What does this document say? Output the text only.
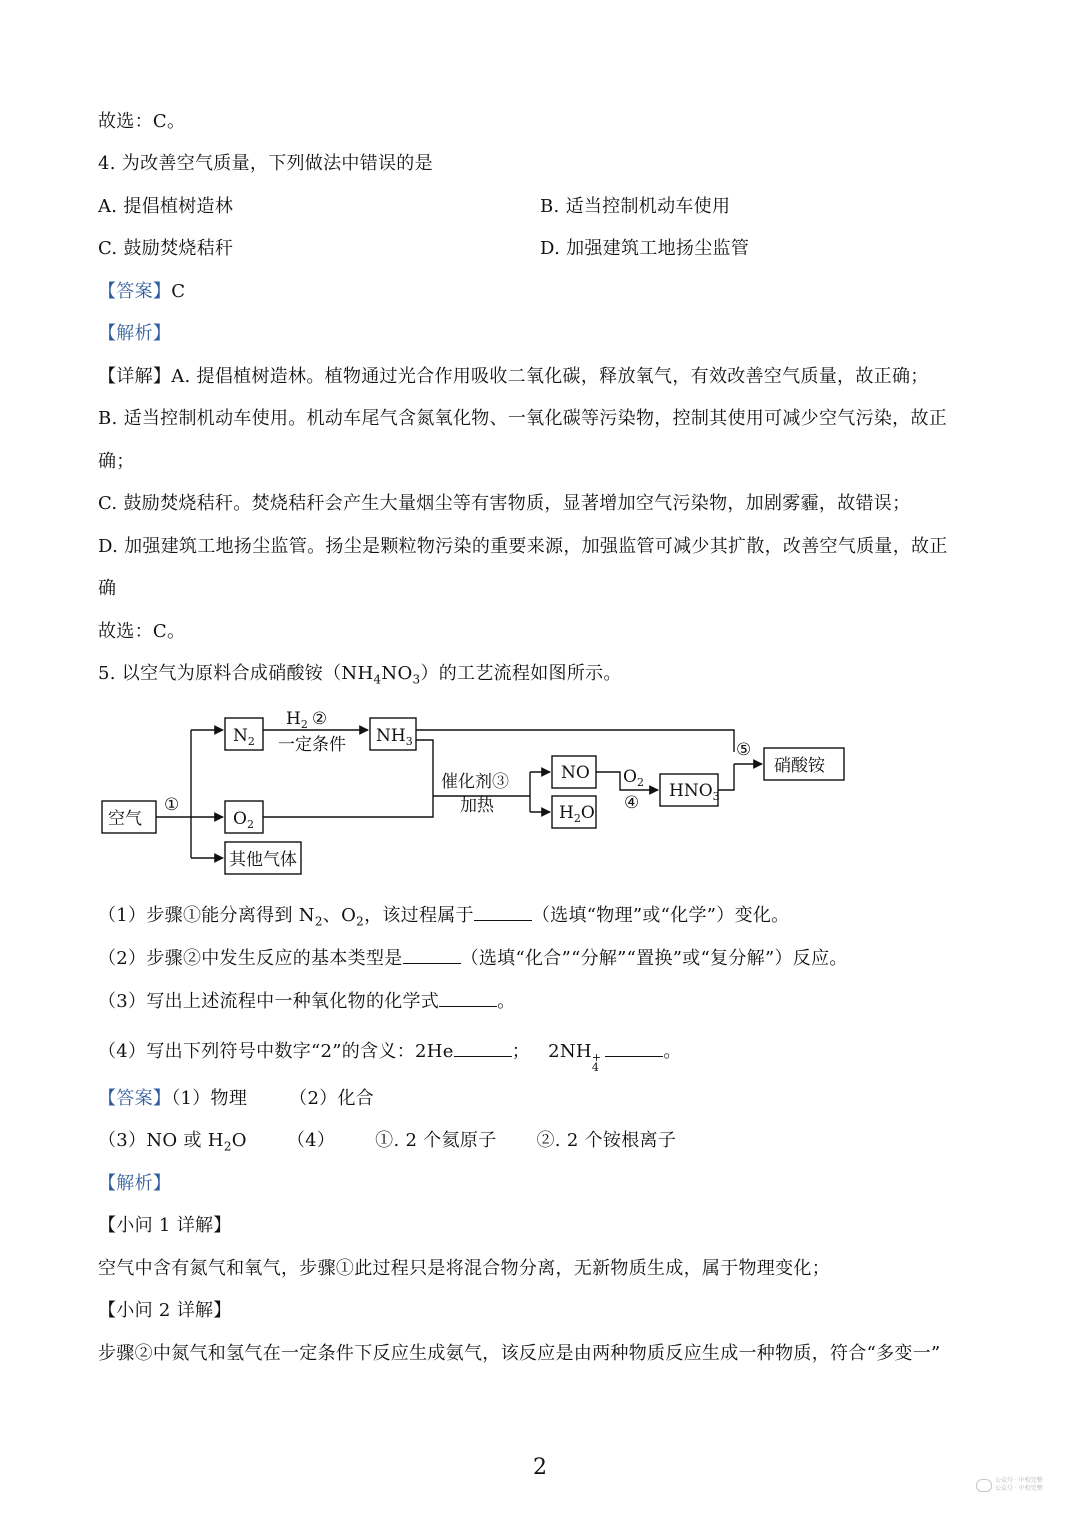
故选：C。
4. 为改善空气质量，下列做法中错误的是
A. 提倡植树造林	B. 适当控制机动车使用
C. 鼓励焚烧秸秆	D. 加强建筑工地扬尘监管
【答案】C
【解析】
【详解】A. 提倡植树造林。植物通过光合作用吸收二氧化碳，释放氧气，有效改善空气质量，故正确；
B. 适当控制机动车使用。机动车尾气含氮氧化物、一氧化碳等污染物，控制其使用可减少空气污染，故正
确；
C. 鼓励焚烧秸秆。焚烧秸秆会产生大量烟尘等有害物质，显著增加空气污染物，加剧雾霾，故错误；
D. 加强建筑工地扬尘监管。扬尘是颗粒物污染的重要来源，加强监管可减少其扩散，改善空气质量，故正
确
故选：C。
5. 以空气为原料合成硝酸铵$(NH_4NO_3)$的工艺流程如图所示。
空气
①
$N_2$
$O_2$
其他气体
$H_2$ ②
一定条件 $NH_3$
催化剂③
加热
NO
$H_2O$
$O_2$
④
$HNO_3$
⑤
硝酸铵
（1）步骤①能分离得到 $N_2$、$O_2$，该过程属于	（选填“物理”或“化学”）变化。
（2）步骤②中发生反应的基本类型是	（选填“化合”“分解”“置换”或“复分解”）反应。
（3）写出上述流程中一种氧化物的化学式	。
（4）写出下列符号中数字“2”的含义：2He	； 2NH +
4
。
【答案】（1）物理 （2）化合
（3）NO 或 $H_2O$ （4） ①. 2 个氦原子 ②. 2 个铵根离子
【解析】
【小问 1 详解】
空气中含有氮气和氧气，步骤①此过程只是将混合物分离，无新物质生成，属于物理变化；
【小问 2 详解】
步骤②中氮气和氢气在一定条件下反应生成氨气，该反应是由两种物质反应生成一种物质，符合“多变一”
2
公众号 · 中校完整
公众号 · 中校完整
